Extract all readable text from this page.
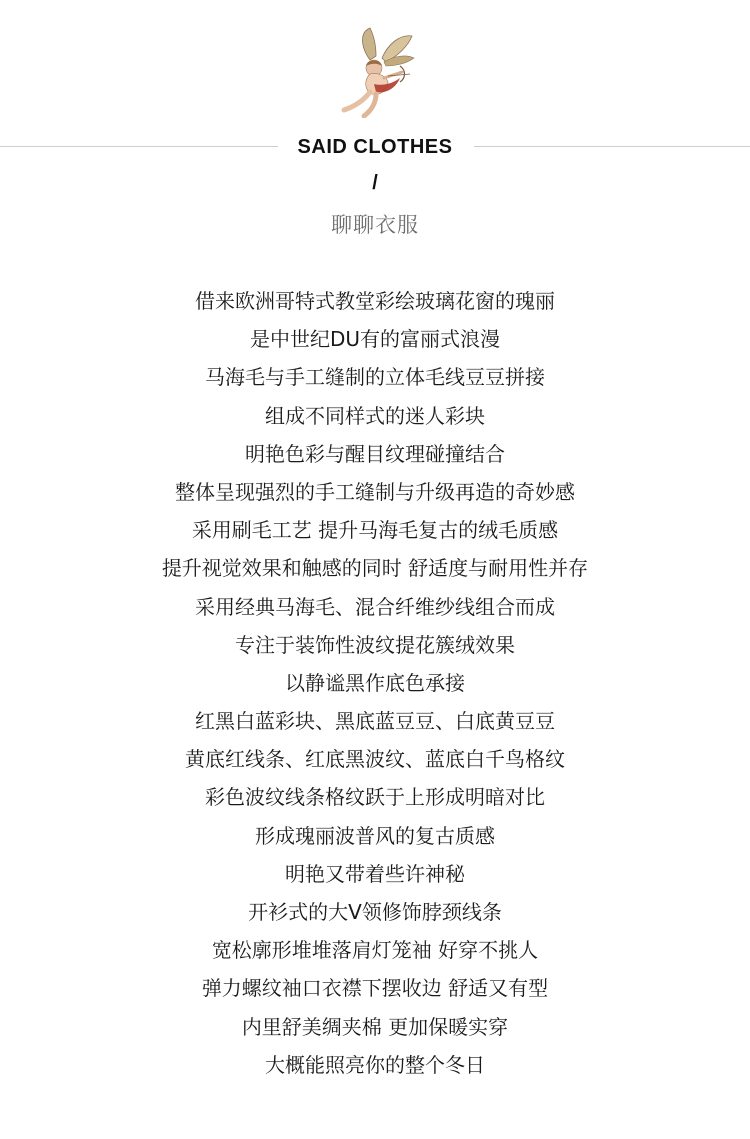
SAID CLOTHES
/
聊聊衣服
借来欧洲哥特式教堂彩绘玻璃花窗的瑰丽
是中世纪DU有的富丽式浪漫
马海毛与手工缝制的立体毛线豆豆拼接
组成不同样式的迷人彩块
明艳色彩与醒目纹理碰撞结合
整体呈现强烈的手工缝制与升级再造的奇妙感
采用刷毛工艺 提升马海毛复古的绒毛质感
提升视觉效果和触感的同时 舒适度与耐用性并存
采用经典马海毛、混合纤维纱线组合而成
专注于装饰性波纹提花簇绒效果
以静谧黑作底色承接
红黑白蓝彩块、黑底蓝豆豆、白底黄豆豆
黄底红线条、红底黑波纹、蓝底白千鸟格纹
彩色波纹线条格纹跃于上形成明暗对比
形成瑰丽波普风的复古质感
明艳又带着些许神秘
开衫式的大V领修饰脖颈线条
宽松廓形堆堆落肩灯笼袖 好穿不挑人
弹力螺纹袖口衣襟下摆收边 舒适又有型
内里舒美绸夹棉 更加保暖实穿
大概能照亮你的整个冬日
